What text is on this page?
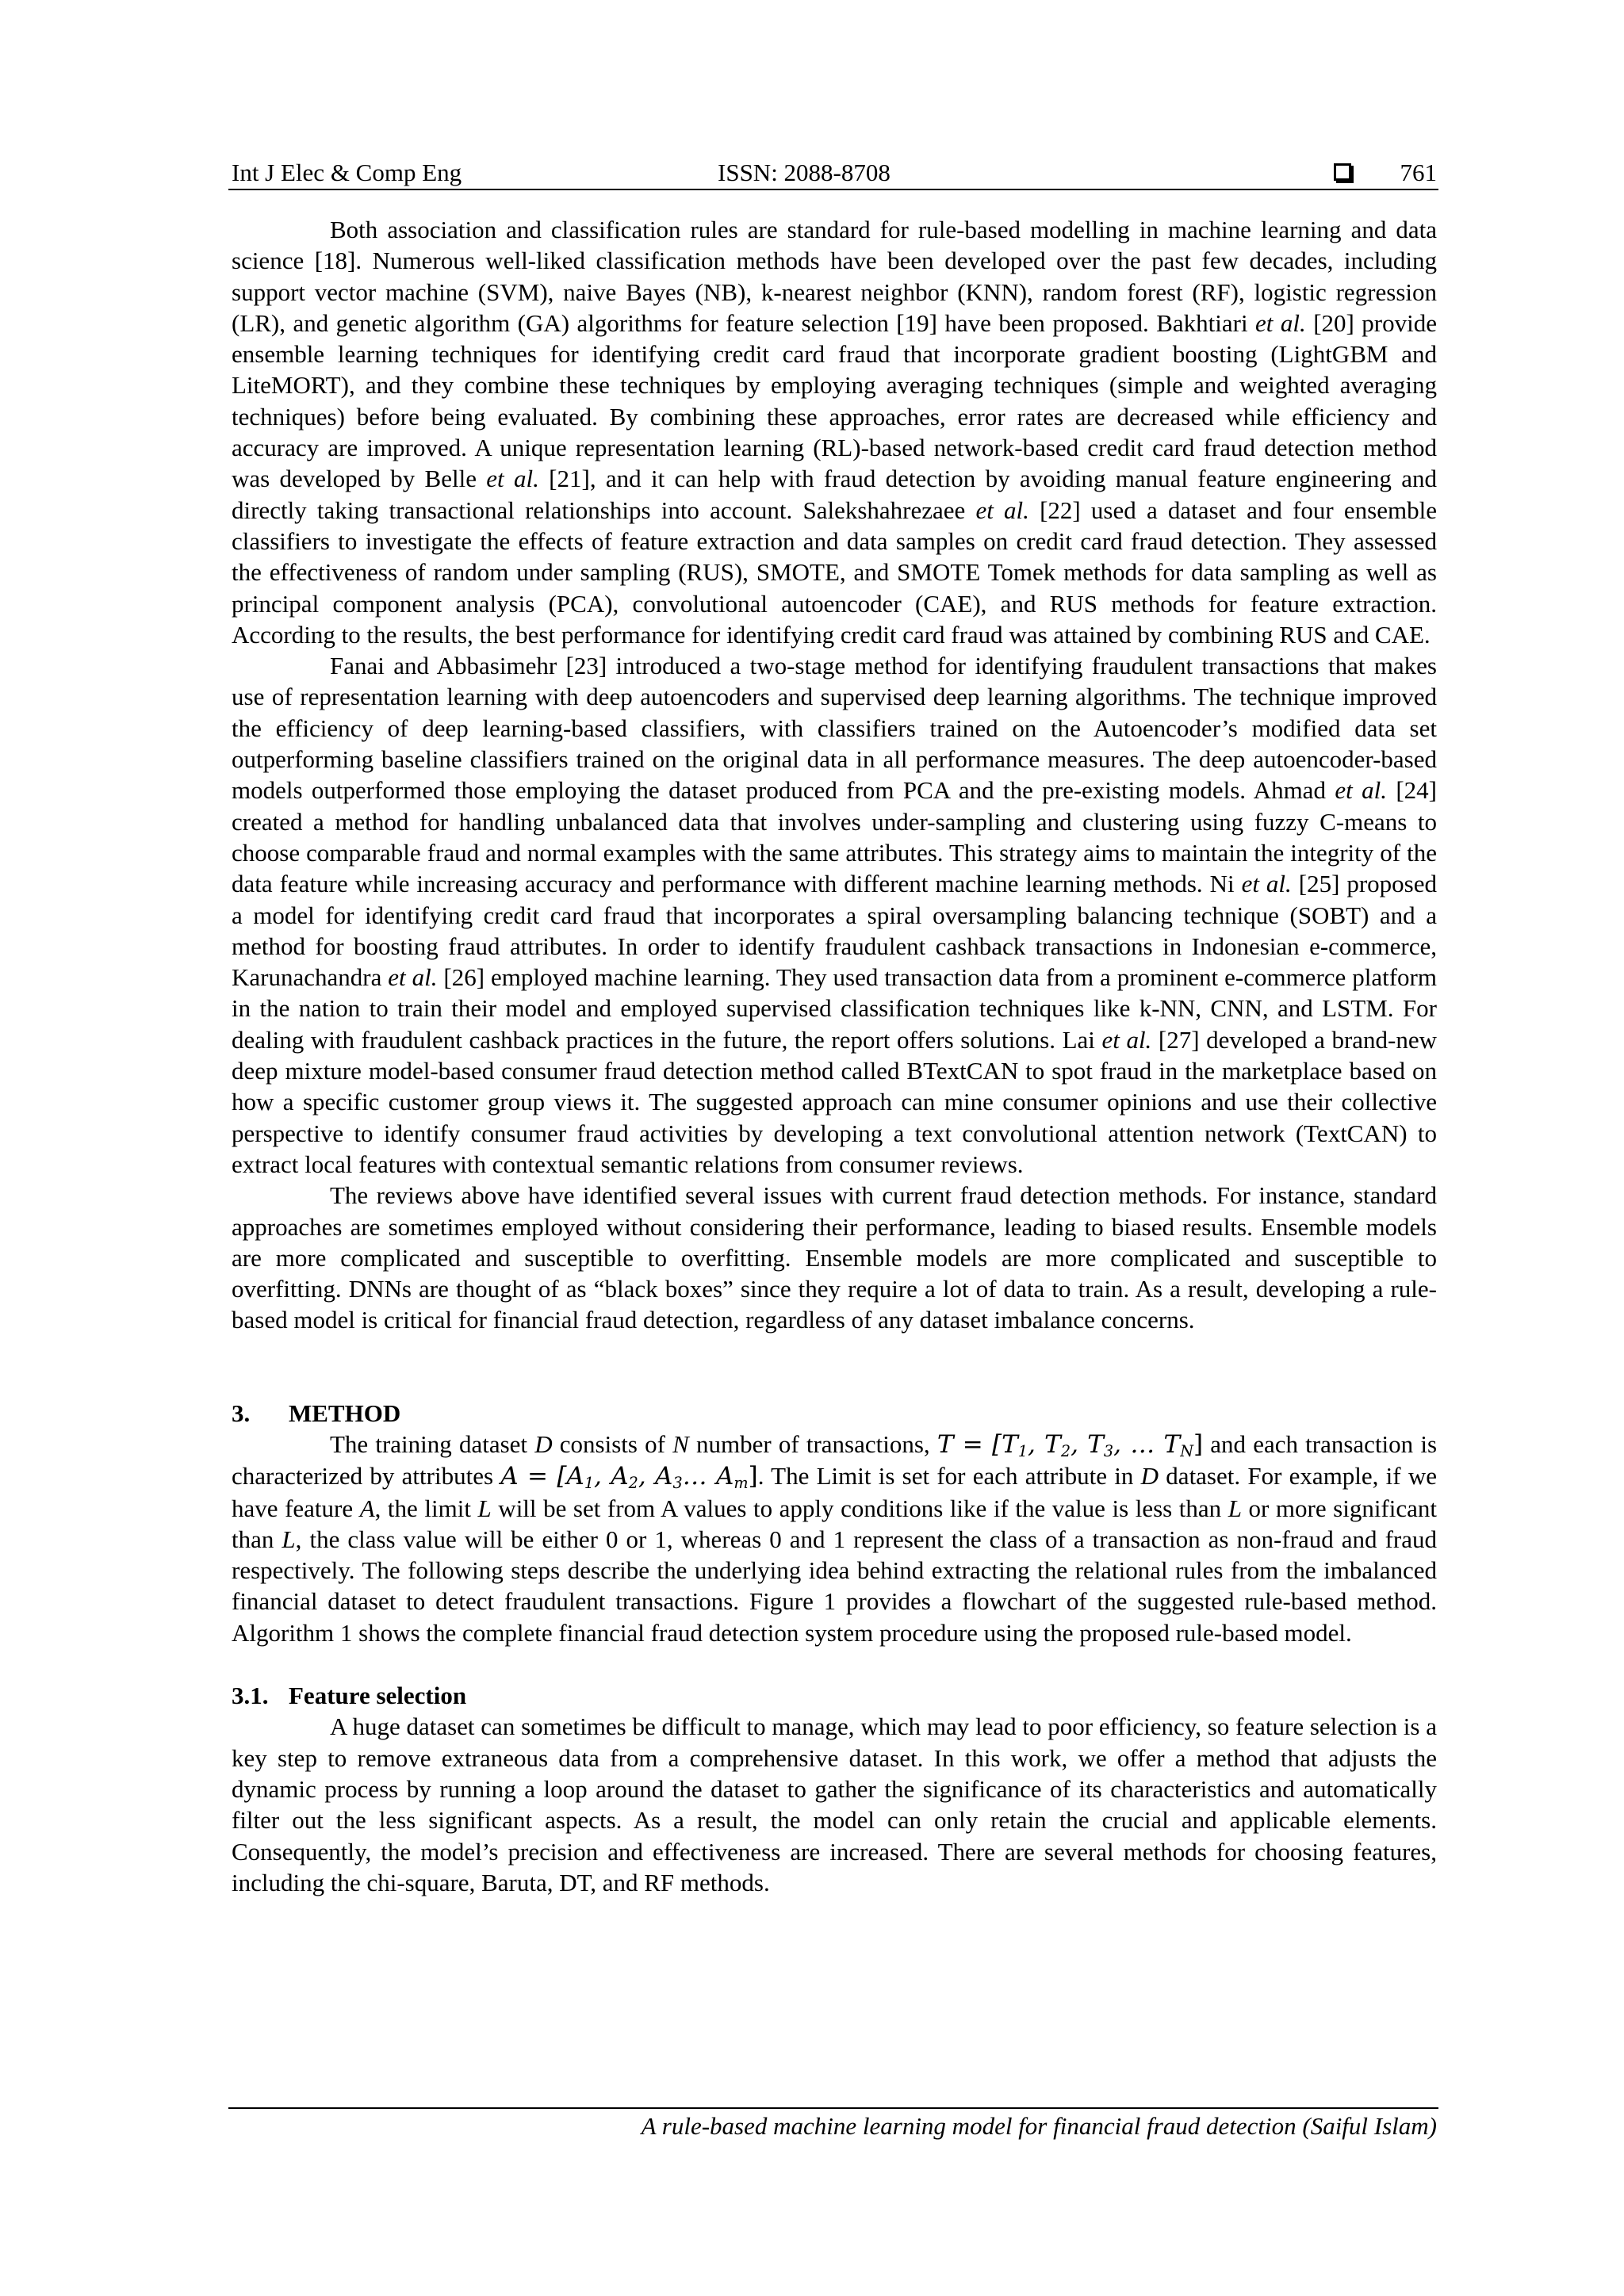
Int J Elec & Comp Eng	ISSN: 2088-8708	761

Both association and classification rules are standard for rule-based modelling in machine learning and data science [18]. Numerous well-liked classification methods have been developed over the past few decades, including support vector machine (SVM), naive Bayes (NB), k-nearest neighbor (KNN), random forest (RF), logistic regression (LR), and genetic algorithm (GA) algorithms for feature selection [19] have been proposed. Bakhtiari et al. [20] provide ensemble learning techniques for identifying credit card fraud that incorporate gradient boosting (LightGBM and LiteMORT), and they combine these techniques by employing averaging techniques (simple and weighted averaging techniques) before being evaluated. By combining these approaches, error rates are decreased while efficiency and accuracy are improved. A unique representation learning (RL)-based network-based credit card fraud detection method was developed by Belle et al. [21], and it can help with fraud detection by avoiding manual feature engineering and directly taking transactional relationships into account. Salekshahrezaee et al. [22] used a dataset and four ensemble classifiers to investigate the effects of feature extraction and data samples on credit card fraud detection. They assessed the effectiveness of random under sampling (RUS), SMOTE, and SMOTE Tomek methods for data sampling as well as principal component analysis (PCA), convolutional autoencoder (CAE), and RUS methods for feature extraction. According to the results, the best performance for identifying credit card fraud was attained by combining RUS and CAE.

Fanai and Abbasimehr [23] introduced a two-stage method for identifying fraudulent transactions that makes use of representation learning with deep autoencoders and supervised deep learning algorithms. The technique improved the efficiency of deep learning-based classifiers, with classifiers trained on the Autoencoder’s modified data set outperforming baseline classifiers trained on the original data in all performance measures. The deep autoencoder-based models outperformed those employing the dataset produced from PCA and the pre-existing models. Ahmad et al. [24] created a method for handling unbalanced data that involves under-sampling and clustering using fuzzy C-means to choose comparable fraud and normal examples with the same attributes. This strategy aims to maintain the integrity of the data feature while increasing accuracy and performance with different machine learning methods. Ni et al. [25] proposed a model for identifying credit card fraud that incorporates a spiral oversampling balancing technique (SOBT) and a method for boosting fraud attributes. In order to identify fraudulent cashback transactions in Indonesian e-commerce, Karunachandra et al. [26] employed machine learning. They used transaction data from a prominent e-commerce platform in the nation to train their model and employed supervised classification techniques like k-NN, CNN, and LSTM. For dealing with fraudulent cashback practices in the future, the report offers solutions. Lai et al. [27] developed a brand-new deep mixture model-based consumer fraud detection method called BTextCAN to spot fraud in the marketplace based on how a specific customer group views it. The suggested approach can mine consumer opinions and use their collective perspective to identify consumer fraud activities by developing a text convolutional attention network (TextCAN) to extract local features with contextual semantic relations from consumer reviews.

The reviews above have identified several issues with current fraud detection methods. For instance, standard approaches are sometimes employed without considering their performance, leading to biased results. Ensemble models are more complicated and susceptible to overfitting. Ensemble models are more complicated and susceptible to overfitting. DNNs are thought of as “black boxes” since they require a lot of data to train. As a result, developing a rule-based model is critical for financial fraud detection, regardless of any dataset imbalance concerns.

3. METHOD

The training dataset D consists of N number of transactions, $T = [T_1$, $T_2$, $T_3$, … $T_N$] and each transaction is characterized by attributes $A = [A_1$, $A_2$, $A_3\dots$ $A_m$]. The Limit is set for each attribute in D dataset. For example, if we have feature A, the limit L will be set from A values to apply conditions like if the value is less than L or more significant than L, the class value will be either 0 or 1, whereas 0 and 1 represent the class of a transaction as non-fraud and fraud respectively. The following steps describe the underlying idea behind extracting the relational rules from the imbalanced financial dataset to detect fraudulent transactions. Figure 1 provides a flowchart of the suggested rule-based method. Algorithm 1 shows the complete financial fraud detection system procedure using the proposed rule-based model.

3.1. Feature selection

A huge dataset can sometimes be difficult to manage, which may lead to poor efficiency, so feature selection is a key step to remove extraneous data from a comprehensive dataset. In this work, we offer a method that adjusts the dynamic process by running a loop around the dataset to gather the significance of its characteristics and automatically filter out the less significant aspects. As a result, the model can only retain the crucial and applicable elements. Consequently, the model’s precision and effectiveness are increased. There are several methods for choosing features, including the chi-square, Baruta, DT, and RF methods.

A rule-based machine learning model for financial fraud detection (Saiful Islam)
